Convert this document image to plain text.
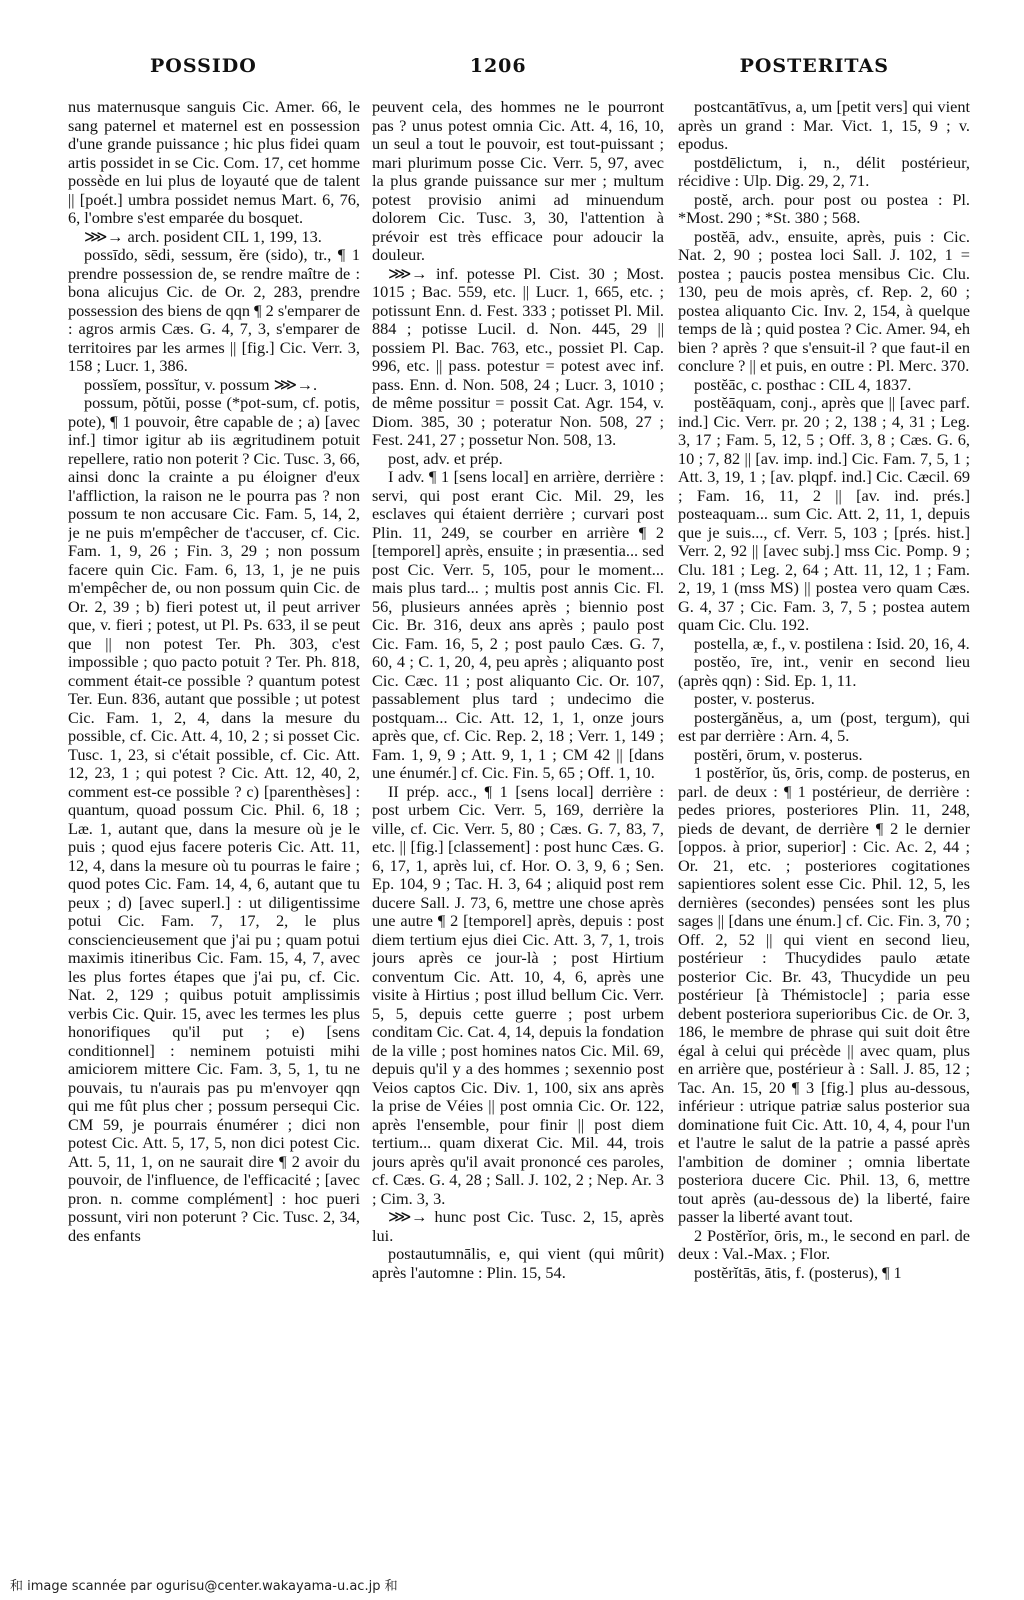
POSSIDO	1206	POSTERITAS

nus maternusque sanguis Cic. Amer. 66, le sang paternel et maternel est en possession d'une grande puissance ; hic plus fidei quam artis possidet in se Cic. Com. 17, cet homme possède en lui plus de loyauté que de talent || [poét.] umbra possidet nemus Mart. 6, 76, 6, l'ombre s'est emparée du bosquet.

⋙→ arch. posident CIL 1, 199, 13.

possīdo, sēdi, sessum, ĕre (sido), tr., ¶ 1 prendre possession de, se rendre maître de : bona alicujus Cic. de Or. 2, 283, prendre possession des biens de qqn ¶ 2 s'emparer de : agros armis Cæs. G. 4, 7, 3, s'emparer de territoires par les armes || [fig.] Cic. Verr. 3, 158 ; Lucr. 1, 386.

possĭem, possĭtur, v. possum ⋙→.

possum, pŏtŭi, posse (*pot-sum, cf. potis, pote), ¶ 1 pouvoir, être capable de ; a) [avec inf.] timor igitur ab iis ægritudinem potuit repellere, ratio non poterit ? Cic. Tusc. 3, 66, ainsi donc la crainte a pu éloigner d'eux l'affliction, la raison ne le pourra pas ? non possum te non accusare Cic. Fam. 5, 14, 2, je ne puis m'empêcher de t'accuser, cf. Cic. Fam. 1, 9, 26 ; Fin. 3, 29 ; non possum facere quin Cic. Fam. 6, 13, 1, je ne puis m'empêcher de, ou non possum quin Cic. de Or. 2, 39 ; b) fieri potest ut, il peut arriver que, v. fieri ; potest, ut Pl. Ps. 633, il se peut que || non potest Ter. Ph. 303, c'est impossible ; quo pacto potuit ? Ter. Ph. 818, comment était-ce possible ? quantum potest Ter. Eun. 836, autant que possible ; ut potest Cic. Fam. 1, 2, 4, dans la mesure du possible, cf. Cic. Att. 4, 10, 2 ; si posset Cic. Tusc. 1, 23, si c'était possible, cf. Cic. Att. 12, 23, 1 ; qui potest ? Cic. Att. 12, 40, 2, comment est-ce possible ? c) [parenthèses] : quantum, quoad possum Cic. Phil. 6, 18 ; Læ. 1, autant que, dans la mesure où je le puis ; quod ejus facere poteris Cic. Att. 11, 12, 4, dans la mesure où tu pourras le faire ; quod potes Cic. Fam. 14, 4, 6, autant que tu peux ; d) [avec superl.] : ut diligentissime potui Cic. Fam. 7, 17, 2, le plus consciencieusement que j'ai pu ; quam potui maximis itineribus Cic. Fam. 15, 4, 7, avec les plus fortes étapes que j'ai pu, cf. Cic. Nat. 2, 129 ; quibus potuit amplissimis verbis Cic. Quir. 15, avec les termes les plus honorifiques qu'il put ; e) [sens conditionnel] : neminem potuisti mihi amiciorem mittere Cic. Fam. 3, 5, 1, tu ne pouvais, tu n'aurais pas pu m'envoyer qqn qui me fût plus cher ; possum persequi Cic. CM 59, je pourrais énumérer ; dici non potest Cic. Att. 5, 17, 5, non dici potest Cic. Att. 5, 11, 1, on ne saurait dire ¶ 2 avoir du pouvoir, de l'influence, de l'efficacité ; [avec pron. n. comme complément] : hoc pueri possunt, viri non poterunt ? Cic. Tusc. 2, 34, des enfants

peuvent cela, des hommes ne le pourront pas ? unus potest omnia Cic. Att. 4, 16, 10, un seul a tout le pouvoir, est tout-puissant ; mari plurimum posse Cic. Verr. 5, 97, avec la plus grande puissance sur mer ; multum potest provisio animi ad minuendum dolorem Cic. Tusc. 3, 30, l'attention à prévoir est très efficace pour adoucir la douleur.

⋙→ inf. potesse Pl. Cist. 30 ; Most. 1015 ; Bac. 559, etc. || Lucr. 1, 665, etc. ; potissunt Enn. d. Fest. 333 ; potisset Pl. Mil. 884 ; potisse Lucil. d. Non. 445, 29 || possiem Pl. Bac. 763, etc., possiet Pl. Cap. 996, etc. || pass. potestur = potest avec inf. pass. Enn. d. Non. 508, 24 ; Lucr. 3, 1010 ; de même possitur = possit Cat. Agr. 154, v. Diom. 385, 30 ; poteratur Non. 508, 27 ; Fest. 241, 27 ; possetur Non. 508, 13.

post, adv. et prép.

I adv. ¶ 1 [sens local] en arrière, derrière : servi, qui post erant Cic. Mil. 29, les esclaves qui étaient derrière ; curvari post Plin. 11, 249, se courber en arrière ¶ 2 [temporel] après, ensuite ; in præsentia... sed post Cic. Verr. 5, 105, pour le moment... mais plus tard... ; multis post annis Cic. Fl. 56, plusieurs années après ; biennio post Cic. Br. 316, deux ans après ; paulo post Cic. Fam. 16, 5, 2 ; post paulo Cæs. G. 7, 60, 4 ; C. 1, 20, 4, peu après ; aliquanto post Cic. Cæc. 11 ; post aliquanto Cic. Or. 107, passablement plus tard ; undecimo die postquam... Cic. Att. 12, 1, 1, onze jours après que, cf. Cic. Rep. 2, 18 ; Verr. 1, 149 ; Fam. 1, 9, 9 ; Att. 9, 1, 1 ; CM 42 || [dans une énumér.] cf. Cic. Fin. 5, 65 ; Off. 1, 10.

II prép. acc., ¶ 1 [sens local] derrière : post urbem Cic. Verr. 5, 169, derrière la ville, cf. Cic. Verr. 5, 80 ; Cæs. G. 7, 83, 7, etc. || [fig.] [classement] : post hunc Cæs. G. 6, 17, 1, après lui, cf. Hor. O. 3, 9, 6 ; Sen. Ep. 104, 9 ; Tac. H. 3, 64 ; aliquid post rem ducere Sall. J. 73, 6, mettre une chose après une autre ¶ 2 [temporel] après, depuis : post diem tertium ejus diei Cic. Att. 3, 7, 1, trois jours après ce jour-là ; post Hirtium conventum Cic. Att. 10, 4, 6, après une visite à Hirtius ; post illud bellum Cic. Verr. 5, 5, depuis cette guerre ; post urbem conditam Cic. Cat. 4, 14, depuis la fondation de la ville ; post homines natos Cic. Mil. 69, depuis qu'il y a des hommes ; sexennio post Veios captos Cic. Div. 1, 100, six ans après la prise de Véies || post omnia Cic. Or. 122, après l'ensemble, pour finir || post diem tertium... quam dixerat Cic. Mil. 44, trois jours après qu'il avait prononcé ces paroles, cf. Cæs. G. 4, 28 ; Sall. J. 102, 2 ; Nep. Ar. 3 ; Cim. 3, 3.

⋙→ hunc post Cic. Tusc. 2, 15, après lui.

postautumnālis, e, qui vient (qui mûrit) après l'automne : Plin. 15, 54.

postcantātīvus, a, um [petit vers] qui vient après un grand : Mar. Vict. 1, 15, 9 ; v. epodus.

postdēlictum, i, n., délit postérieur, récidive : Ulp. Dig. 29, 2, 71.

postĕ, arch. pour post ou postea : Pl. *Most. 290 ; *St. 380 ; 568.

postĕā, adv., ensuite, après, puis : Cic. Nat. 2, 90 ; postea loci Sall. J. 102, 1 = postea ; paucis postea mensibus Cic. Clu. 130, peu de mois après, cf. Rep. 2, 60 ; postea aliquanto Cic. Inv. 2, 154, à quelque temps de là ; quid postea ? Cic. Amer. 94, eh bien ? après ? que s'ensuit-il ? que faut-il en conclure ? || et puis, en outre : Pl. Merc. 370.

postĕāc, c. posthac : CIL 4, 1837.

postĕāquam, conj., après que || [avec parf. ind.] Cic. Verr. pr. 20 ; 2, 138 ; 4, 31 ; Leg. 3, 17 ; Fam. 5, 12, 5 ; Off. 3, 8 ; Cæs. G. 6, 10 ; 7, 82 || [av. imp. ind.] Cic. Fam. 7, 5, 1 ; Att. 3, 19, 1 ; [av. plqpf. ind.] Cic. Cæcil. 69 ; Fam. 16, 11, 2 || [av. ind. prés.] posteaquam... sum Cic. Att. 2, 11, 1, depuis que je suis..., cf. Verr. 5, 103 ; [prés. hist.] Verr. 2, 92 || [avec subj.] mss Cic. Pomp. 9 ; Clu. 181 ; Leg. 2, 64 ; Att. 11, 12, 1 ; Fam. 2, 19, 1 (mss MS) || postea vero quam Cæs. G. 4, 37 ; Cic. Fam. 3, 7, 5 ; postea autem quam Cic. Clu. 192.

postella, æ, f., v. postilena : Isid. 20, 16, 4.

postĕo, īre, int., venir en second lieu (après qqn) : Sid. Ep. 1, 11.

poster, v. posterus.

postergănĕus, a, um (post, tergum), qui est par derrière : Arn. 4, 5.

postĕri, ōrum, v. posterus.

1 postĕrĭor, ŭs, ōris, comp. de posterus, en parl. de deux : ¶ 1 postérieur, de derrière : pedes priores, posteriores Plin. 11, 248, pieds de devant, de derrière ¶ 2 le dernier [oppos. à prior, superior] : Cic. Ac. 2, 44 ; Or. 21, etc. ; posteriores cogitationes sapientiores solent esse Cic. Phil. 12, 5, les dernières (secondes) pensées sont les plus sages || [dans une énum.] cf. Cic. Fin. 3, 70 ; Off. 2, 52 || qui vient en second lieu, postérieur : Thucydides paulo ætate posterior Cic. Br. 43, Thucydide un peu postérieur [à Thémistocle] ; paria esse debent posteriora superioribus Cic. de Or. 3, 186, le membre de phrase qui suit doit être égal à celui qui précède || avec quam, plus en arrière que, postérieur à : Sall. J. 85, 12 ; Tac. An. 15, 20 ¶ 3 [fig.] plus au-dessous, inférieur : utrique patriæ salus posterior sua dominatione fuit Cic. Att. 10, 4, 4, pour l'un et l'autre le salut de la patrie a passé après l'ambition de dominer ; omnia libertate posteriora ducere Cic. Phil. 13, 6, mettre tout après (au-dessous de) la liberté, faire passer la liberté avant tout.

2 Postĕrĭor, ōris, m., le second en parl. de deux : Val.-Max. ; Flor.

postĕrĭtās, ātis, f. (posterus), ¶ 1

和 image scannée par ogurisu@center.wakayama-u.ac.jp 和
